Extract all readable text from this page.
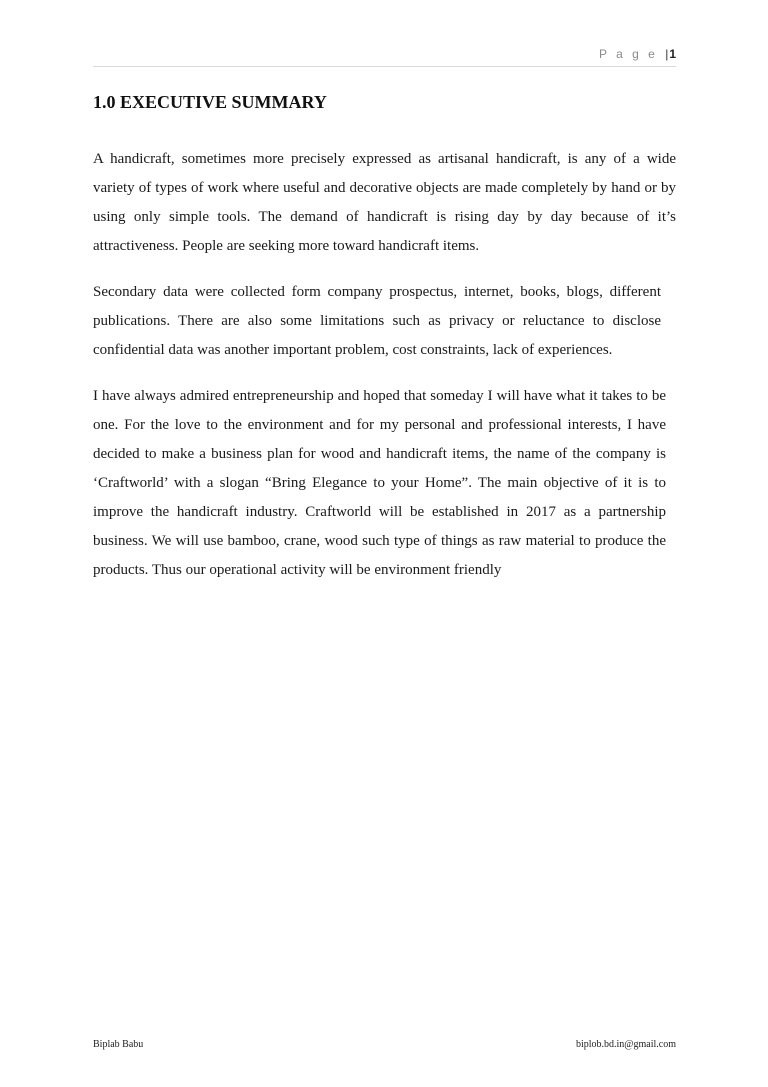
P a g e |1
1.0 EXECUTIVE SUMMARY

A handicraft, sometimes more precisely expressed as artisanal handicraft, is any of a wide variety of types of work where useful and decorative objects are made completely by hand or by using only simple tools. The demand of handicraft is rising day by day because of it’s attractiveness. People are seeking more toward handicraft items.

Secondary data were collected form company prospectus, internet, books, blogs, different publications. There are also some limitations such as privacy or reluctance to disclose confidential data was another important problem, cost constraints, lack of experiences.

I have always admired entrepreneurship and hoped that someday I will have what it takes to be one. For the love to the environment and for my personal and professional interests, I have decided to make a business plan for wood and handicraft items, the name of the company is ‘Craftworld’ with a slogan “Bring Elegance to your Home”. The main objective of it is to improve the handicraft industry. Craftworld will be established in 2017 as a partnership business. We will use bamboo, crane, wood such type of things as raw material to produce the products. Thus our operational activity will be environment friendly

Biplab Babu	biplob.bd.in@gmail.com
